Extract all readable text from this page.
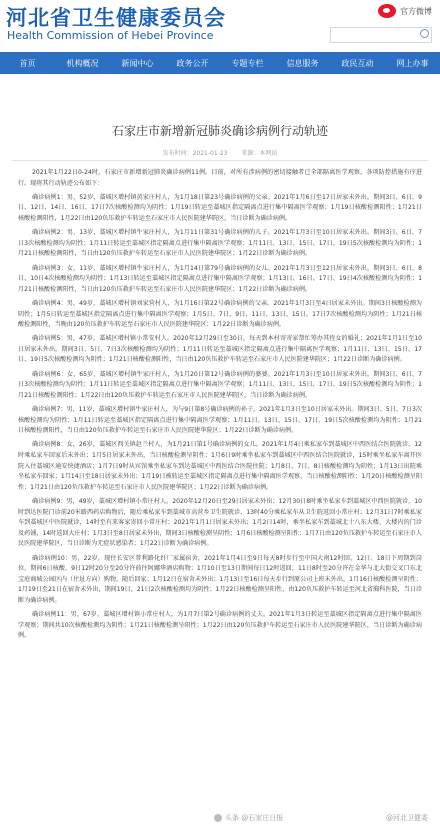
河北省卫生健康委员会
Health Commission of Hebei Province
官方微博
首页	机构概况	新闻中心	政务公开	专题专栏	信息服务	政民互动	网上办事
石家庄市新增新冠肺炎确诊病例行动轨迹
发布时间：2021-01-23 来源：本网站

2021年1月22日0-24时，石家庄市新增新冠肺炎确诊病例11例。目前，对所有涉病例的密切接触者已全部隔离医学观察，各项防控措施有序进行。现将其行动轨迹公布如下：

确诊病例1：男，52岁，藁城区增村镇黄家庄村人，为1月18日第23号确诊病例的父亲。2021年1月6日至17日居家未外出。期间3日、6日、9日、12日、14日、16日、17日7次核酸检测均为阴性；1月19日转运至藁城区指定隔离点进行集中隔离医学观察；1月19日核酸检测阳性；1月21日核酸检测阳性，1月22日由120负压救护车转运至石家庄市人民医院建华院区，当日诊断为确诊病例。

确诊病例2：男，13岁，藁城区增村镇牛家庄村人，为1月11日第31号确诊病例的儿子。2021年1月3日至10日居家未外出。期间3日、6日、7日3次核酸检测均为阴性；1月11日转运至藁城区指定隔离点进行集中隔离医学观察；1月11日、13日、15日、17日、19日5次核酸检测均为阴性；1月21日核酸检测阳性，当日由120负压救护车转运至石家庄市人民医院建华院区；1月22日诊断为确诊病例。

确诊病例3：女，11岁，藁城区增村镇牛家庄村人，为1月14日第79号确诊病例的女儿。2021年1月3日至12日居家未外出。期间3日、6日、8日、10日4次核酸检测均为阴性；1月13日转运至藁城区指定隔离点进行集中隔离医学观察；1月13日、16日、17日、19日4次核酸检测均为阴性；1月21日核酸检测阳性，当日由120负压救护车转运至石家庄市人民医院建华院区；1月22日诊断为确诊病例。

确诊病例4：男，49岁，藁城区增村镇刘家营村人，为1月16日第22号确诊病例的父亲。2021年1月3日至4日居家未外出。期间3日核酸检测为阴性；1月5日转运至藁城区指定隔离点进行集中隔离医学观察；1月5日、7日、9日、11日、13日、15日、17日7次核酸检测均为阴性；1月21日核酸检测阳性，当晚由120负压救护车转运至石家庄市人民医院建华院区；1月22日诊断为确诊病例。

确诊病例5：男，47岁，藁城区增村镇小常安村人。2020年12月29日至30日，每天到本村寄寄家帮忙筹办其侄女的婚礼；2021年1月1日至10日居家未外出。期间3日、5日、7日3次核酸检测均为阴性；1月11日转运至藁城区指定隔离点进行集中隔离医学观察；1月11日、13日、15日、17日、19日5次核酸检测均为阴性；1月21日核酸检测阳性，当日由120负压救护车转运至石家庄市人民医院建华院区；1月22日诊断为确诊病例。

确诊病例6：女，65岁，藁城区增村镇牛家庄村人，为1月20日第12号确诊病例的婆婆。2021年1月3日至10日居家未外出。期间3日、6日、7日3次核酸检测均为阴性；1月11日转运至藁城区指定隔离点进行集中隔离医学观察；1月11日、13日、15日、17日、19日5次核酸检测均为阴性；1月21日核酸检测阳性；1月22日由120负压救护车转运至石家庄市人民医院建华院区，当日诊断为确诊病例。

确诊病例7：男，11岁，藁城区增村镇牛家庄村人，为与9日第8号确诊病例的孙子。2021年1月3日至10日居家未外出。期间3日、5日、7日3次核酸检测均为阴性；1月11日转运至藁城区指定隔离点进行集中隔离医学观察；1月11日、13日、15日、17日、19日5次核酸检测均为阴性；1月21日核酸检测阳性，当日由120负压救护车转运至石家庄市人民医院建华院区；1月22日诊断为确诊病例。

确诊病例8：女，26岁，藁城区西关镇赵兰村人，为1月21日第1号确诊病例的女儿。2021年1月4日乘私家车到藁城区中西医结合医院就诊，12时乘私家车回家后未外出；1月5日居家未外出，当日核酸检测呈阴性；1月6日9时乘坐私家车到藁城区中西医结合医院就诊，15时乘坐私家车离开医院入住藁城区通安快捷酒店；1月7日9时从宾馆乘坐私家车到达藁城区中西医结合医院住院；1月8日、7日、8日核酸检测均为阴性；1月13日出院乘坐私家车回家；1月14日至18日居家未外出；1月19日被转运至藁城区指定隔离点进行集中隔离医学观察，当日核酸检测阳性；1月20日核酸检测呈阳性；1月21日由120负压救护车转运至石家庄市人民医院建华院区；1月22日诊断为确诊病例。

确诊病例9：男，49岁，藁城区增村镇小常庄村人。2020年12月20日至29日居家未外出；12月30日8时乘坐私家车到藁城区中西医院就诊，10时到达医院门诊前20米路西药店购物后，随后乘私家车到藁城市高营乡卫生院就诊，13时40分乘私家车从卫生院返回小常庄村；12月31日7时乘私家车到藁城区中医院就诊，14时至有来客家寄回小常庄村；2021年1月1日居家未外出；1月2日14时，乘坐私家车到藁城北十八东大楼，大楼内的门诊及药铺，14时返回大庄村；1月3日至8日居家未外出，期间3日核酸检测呈阴性；1月6日核酸检测呈阳性；1月7日由120负压救护车转运至石家庄市人民医院建华院区，当日诊断为无症状感染者；1月22日诊断为确诊病例。

确诊病例10：男，22岁，现住长安区普利路化纤厂家属宿舍，2021年1月4日至9日每天8时步行至中国大南12时回。12日、18日下周期到岗位，期间6日核酸、9日12时20分至20分许前往阿娜华酒店购物；1月10日至13日期间每日12时返回，11日8时至20分许在金华与北大街交叉口东北宝庭商城公园区内（住址方向）购物，随后回家；1月12日在宿舍未外出；1月13日至16日每天步行到原公司上班未外出，1月16日核酸检测呈阴性；1月19日至21日在宿舍未外出，期间19日、21日2次核酸检测均为阴性；1月22日核酸检测呈阳性，由120负压救护车转运至河北省胸科医院，当日诊断为确诊病例。

确诊病例11：男，67岁，藁城区增村镇小常庄村人，为1月7日第2号确诊病例的丈夫。2021年1月3日转运至藁城区指定隔离点进行集中隔离医学观察；期间共10次核酸检测均为阴性；1月21日核酸检测呈阳性；1月22日由120负压救护车转运至石家庄市人民医院建华院区，当日诊断为确诊病例。

头条 @石家庄日报	@河北卫健委
